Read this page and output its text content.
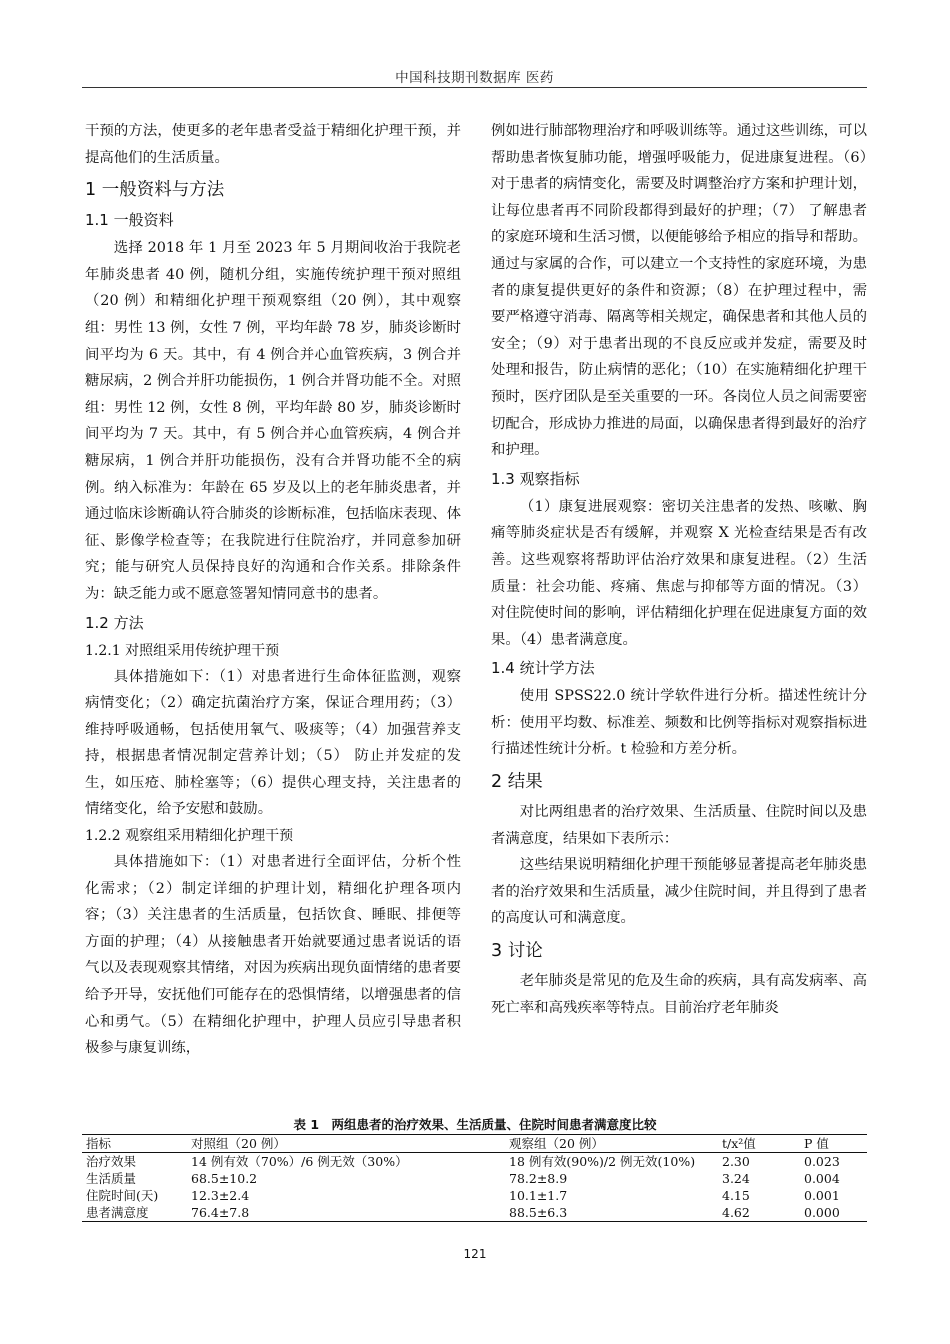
中国科技期刊数据库 医药

干预的方法，使更多的老年患者受益于精细化护理干预，并提高他们的生活质量。

1 一般资料与方法
1.1 一般资料

选择 2018 年 1 月至 2023 年 5 月期间收治于我院老年肺炎患者 40 例，随机分组，实施传统护理干预对照组（20 例）和精细化护理干预观察组（20 例），其中观察组：男性 13 例，女性 7 例，平均年龄 78 岁，肺炎诊断时间平均为 6 天。其中，有 4 例合并心血管疾病，3 例合并糖尿病，2 例合并肝功能损伤，1 例合并肾功能不全。对照组：男性 12 例，女性 8 例，平均年龄 80 岁，肺炎诊断时间平均为 7 天。其中，有 5 例合并心血管疾病，4 例合并糖尿病，1 例合并肝功能损伤，没有合并肾功能不全的病例。纳入标准为：年龄在 65 岁及以上的老年肺炎患者，并通过临床诊断确认符合肺炎的诊断标准，包括临床表现、体征、影像学检查等；在我院进行住院治疗，并同意参加研究；能与研究人员保持良好的沟通和合作关系。排除条件为：缺乏能力或不愿意签署知情同意书的患者。

1.2 方法
1.2.1 对照组采用传统护理干预

具体措施如下：（1）对患者进行生命体征监测，观察病情变化；（2）确定抗菌治疗方案，保证合理用药；（3）维持呼吸通畅，包括使用氧气、吸痰等；（4）加强营养支持，根据患者情况制定营养计划；（5） 防止并发症的发生，如压疮、肺栓塞等；（6）提供心理支持，关注患者的情绪变化，给予安慰和鼓励。

1.2.2 观察组采用精细化护理干预

具体措施如下：（1）对患者进行全面评估，分析个性化需求；（2）制定详细的护理计划，精细化护理各项内容；（3）关注患者的生活质量，包括饮食、睡眠、排便等方面的护理；（4）从接触患者开始就要通过患者说话的语气以及表现观察其情绪，对因为疾病出现负面情绪的患者要给予开导，安抚他们可能存在的恐惧情绪，以增强患者的信心和勇气。（5）在精细化护理中，护理人员应引导患者积极参与康复训练，

例如进行肺部物理治疗和呼吸训练等。通过这些训练，可以帮助患者恢复肺功能，增强呼吸能力，促进康复进程。（6）对于患者的病情变化，需要及时调整治疗方案和护理计划，让每位患者再不同阶段都得到最好的护理；（7） 了解患者的家庭环境和生活习惯，以便能够给予相应的指导和帮助。通过与家属的合作，可以建立一个支持性的家庭环境，为患者的康复提供更好的条件和资源；（8）在护理过程中，需要严格遵守消毒、隔离等相关规定，确保患者和其他人员的安全；（9）对于患者出现的不良反应或并发症，需要及时处理和报告，防止病情的恶化；（10）在实施精细化护理干预时，医疗团队是至关重要的一环。各岗位人员之间需要密切配合，形成协力推进的局面，以确保患者得到最好的治疗和护理。

1.3 观察指标

（1）康复进展观察：密切关注患者的发热、咳嗽、胸痛等肺炎症状是否有缓解，并观察 X 光检查结果是否有改善。这些观察将帮助评估治疗效果和康复进程。（2）生活质量：社会功能、疼痛、焦虑与抑郁等方面的情况。（3）对住院使时间的影响，评估精细化护理在促进康复方面的效果。（4）患者满意度。

1.4 统计学方法

使用 SPSS22.0 统计学软件进行分析。描述性统计分析：使用平均数、标准差、频数和比例等指标对观察指标进行描述性统计分析。t 检验和方差分析。

2 结果

对比两组患者的治疗效果、生活质量、住院时间以及患者满意度，结果如下表所示：

这些结果说明精细化护理干预能够显著提高老年肺炎患者的治疗效果和生活质量，减少住院时间，并且得到了患者的高度认可和满意度。

3 讨论

老年肺炎是常见的危及生命的疾病，具有高发病率、高死亡率和高残疾率等特点。目前治疗老年肺炎

表 1　两组患者的治疗效果、生活质量、住院时间患者满意度比较
指标	对照组（20 例）	观察组（20 例）	t/x²值	P 值
治疗效果	14 例有效（70%）/6 例无效（30%）	18 例有效(90%)/2 例无效(10%)	2.30	0.023
生活质量	68.5±10.2	78.2±8.9	3.24	0.004
住院时间(天)	12.3±2.4	10.1±1.7	4.15	0.001
患者满意度	76.4±7.8	88.5±6.3	4.62	0.000
121
